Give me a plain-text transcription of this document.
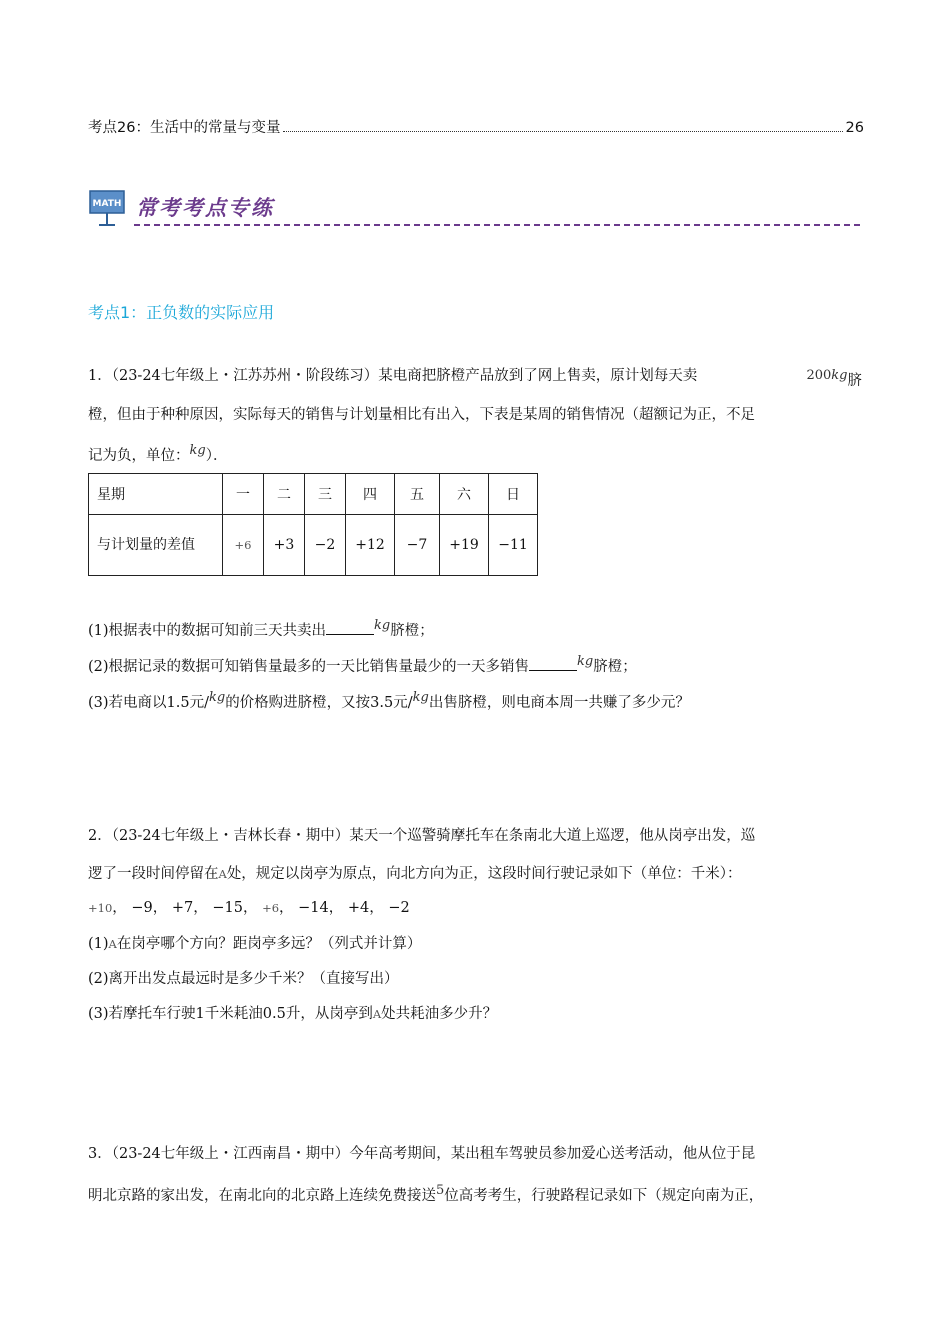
考点26：生活中的常量与变量	26
MATH 常考考点专练
考点1：正负数的实际应用
1．（23-24七年级上・江苏苏州・阶段练习）某电商把脐橙产品放到了网上售卖，原计划每天卖	200kg脐
橙，但由于种种原因，实际每天的销售与计划量相比有出入，下表是某周的销售情况（超额记为正，不足
记为负，单位：kg）．
星期	一	二	三	四	五	六	日

与计划量的差值	+6	+3	−2	+12	−7	+19	−11
(1)根据表中的数据可知前三天共卖出	kg脐橙；
(2)根据记录的数据可知销售量最多的一天比销售量最少的一天多销售	kg脐橙；
(3)若电商以1.5元/kg的价格购进脐橙，又按3.5元/kg出售脐橙，则电商本周一共赚了多少元？
2．（23-24七年级上・吉林长春・期中）某天一个巡警骑摩托车在条南北大道上巡逻，他从岗亭出发，巡
逻了一段时间停留在A处，规定以岗亭为原点，向北方向为正，这段时间行驶记录如下（单位：千米）：
+10， −9， +7， −15， +6， −14， +4， −2
(1)A在岗亭哪个方向？距岗亭多远？（列式并计算）
(2)离开出发点最远时是多少千米？（直接写出）
(3)若摩托车行驶1千米耗油0.5升，从岗亭到A处共耗油多少升？
3．（23-24七年级上・江西南昌・期中）今年高考期间，某出租车驾驶员参加爱心送考活动，他从位于昆
明北京路的家出发，在南北向的北京路上连续免费接送5位高考考生，行驶路程记录如下（规定向南为正，
